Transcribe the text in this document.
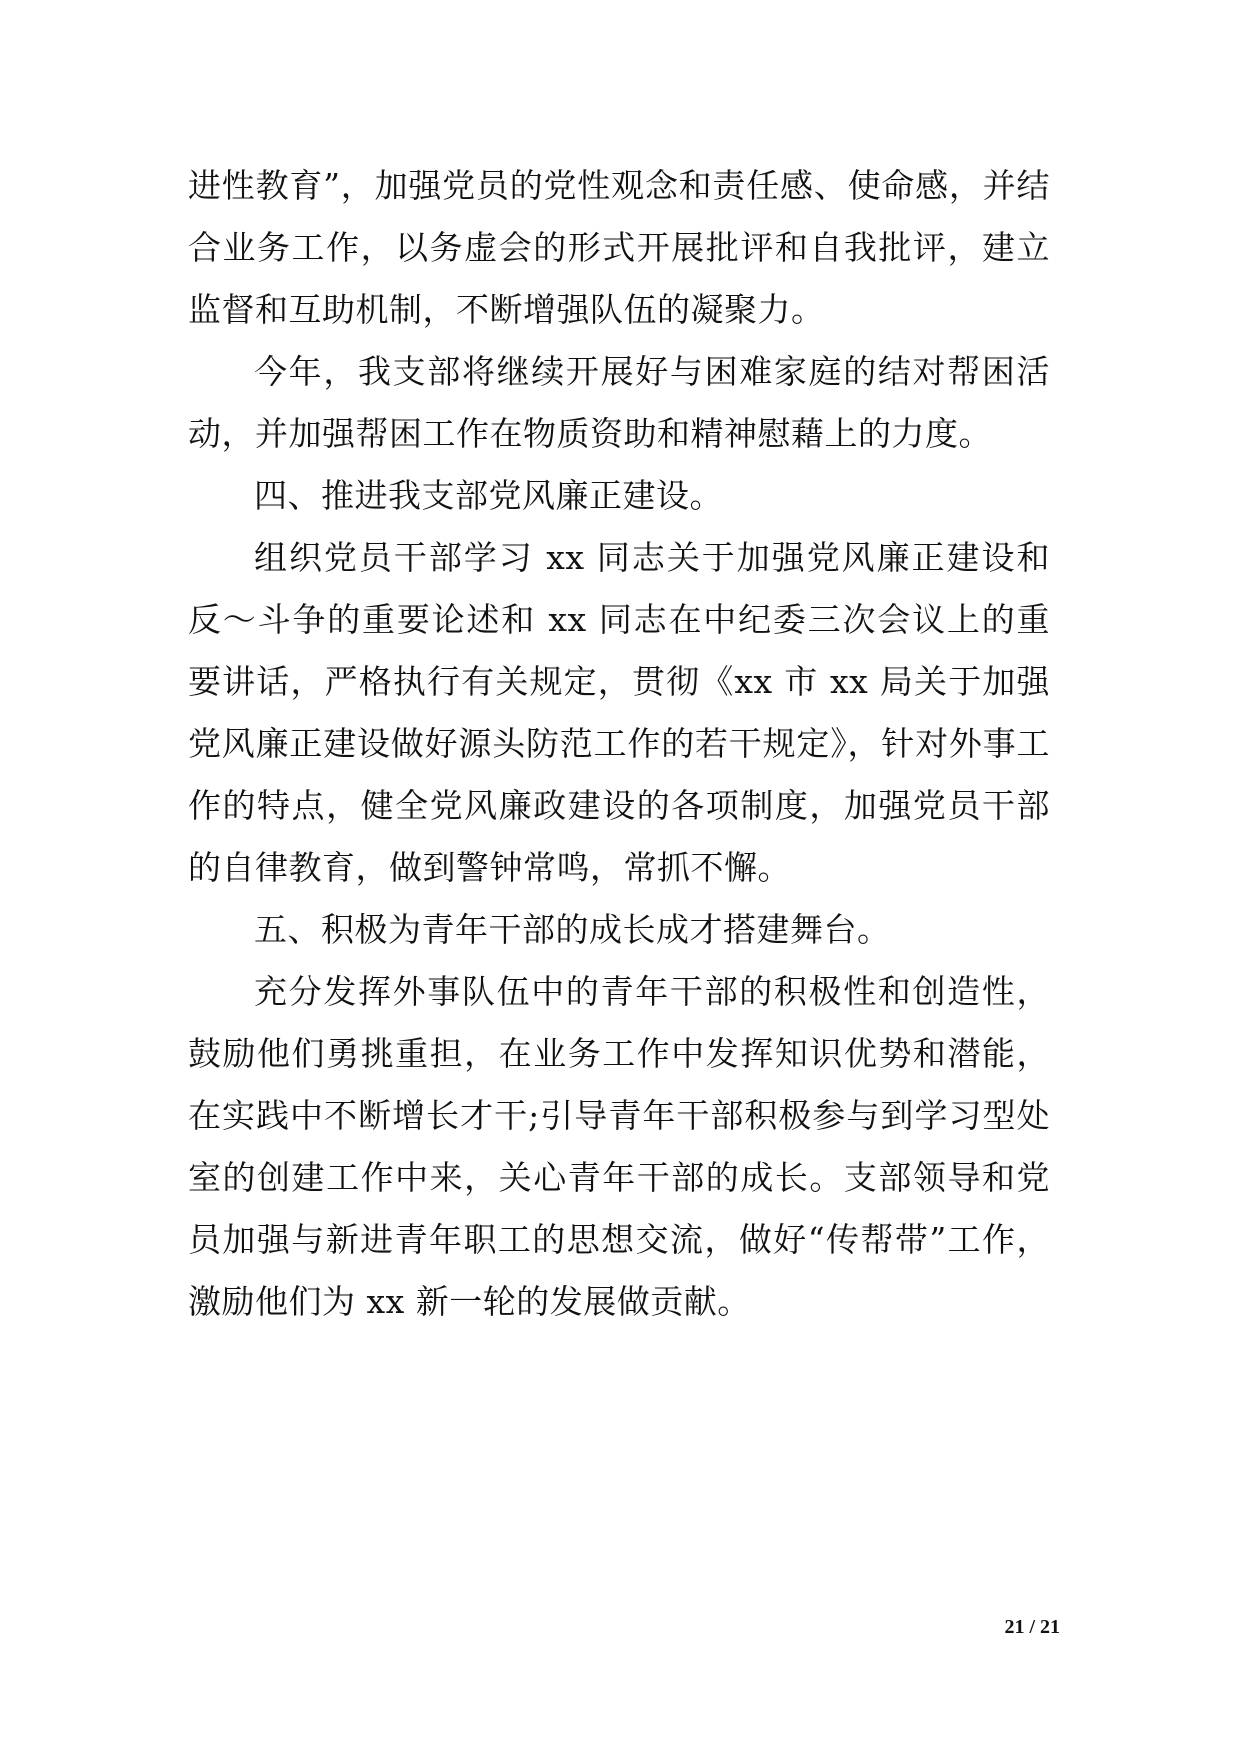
进性教育”，加强党员的党性观念和责任感、使命感，并结合业务工作，以务虚会的形式开展批评和自我批评，建立监督和互助机制，不断增强队伍的凝聚力。

今年，我支部将继续开展好与困难家庭的结对帮困活动，并加强帮困工作在物质资助和精神慰藉上的力度。

四、推进我支部党风廉正建设。

组织党员干部学习 xx 同志关于加强党风廉正建设和反～斗争的重要论述和 xx 同志在中纪委三次会议上的重要讲话，严格执行有关规定，贯彻《xx 市 xx 局关于加强党风廉正建设做好源头防范工作的若干规定》，针对外事工作的特点，健全党风廉政建设的各项制度，加强党员干部的自律教育，做到警钟常鸣，常抓不懈。

五、积极为青年干部的成长成才搭建舞台。

充分发挥外事队伍中的青年干部的积极性和创造性，鼓励他们勇挑重担，在业务工作中发挥知识优势和潜能，在实践中不断增长才干;引导青年干部积极参与到学习型处室的创建工作中来，关心青年干部的成长。支部领导和党员加强与新进青年职工的思想交流，做好“传帮带”工作，激励他们为 xx 新一轮的发展做贡献。

21 / 21
